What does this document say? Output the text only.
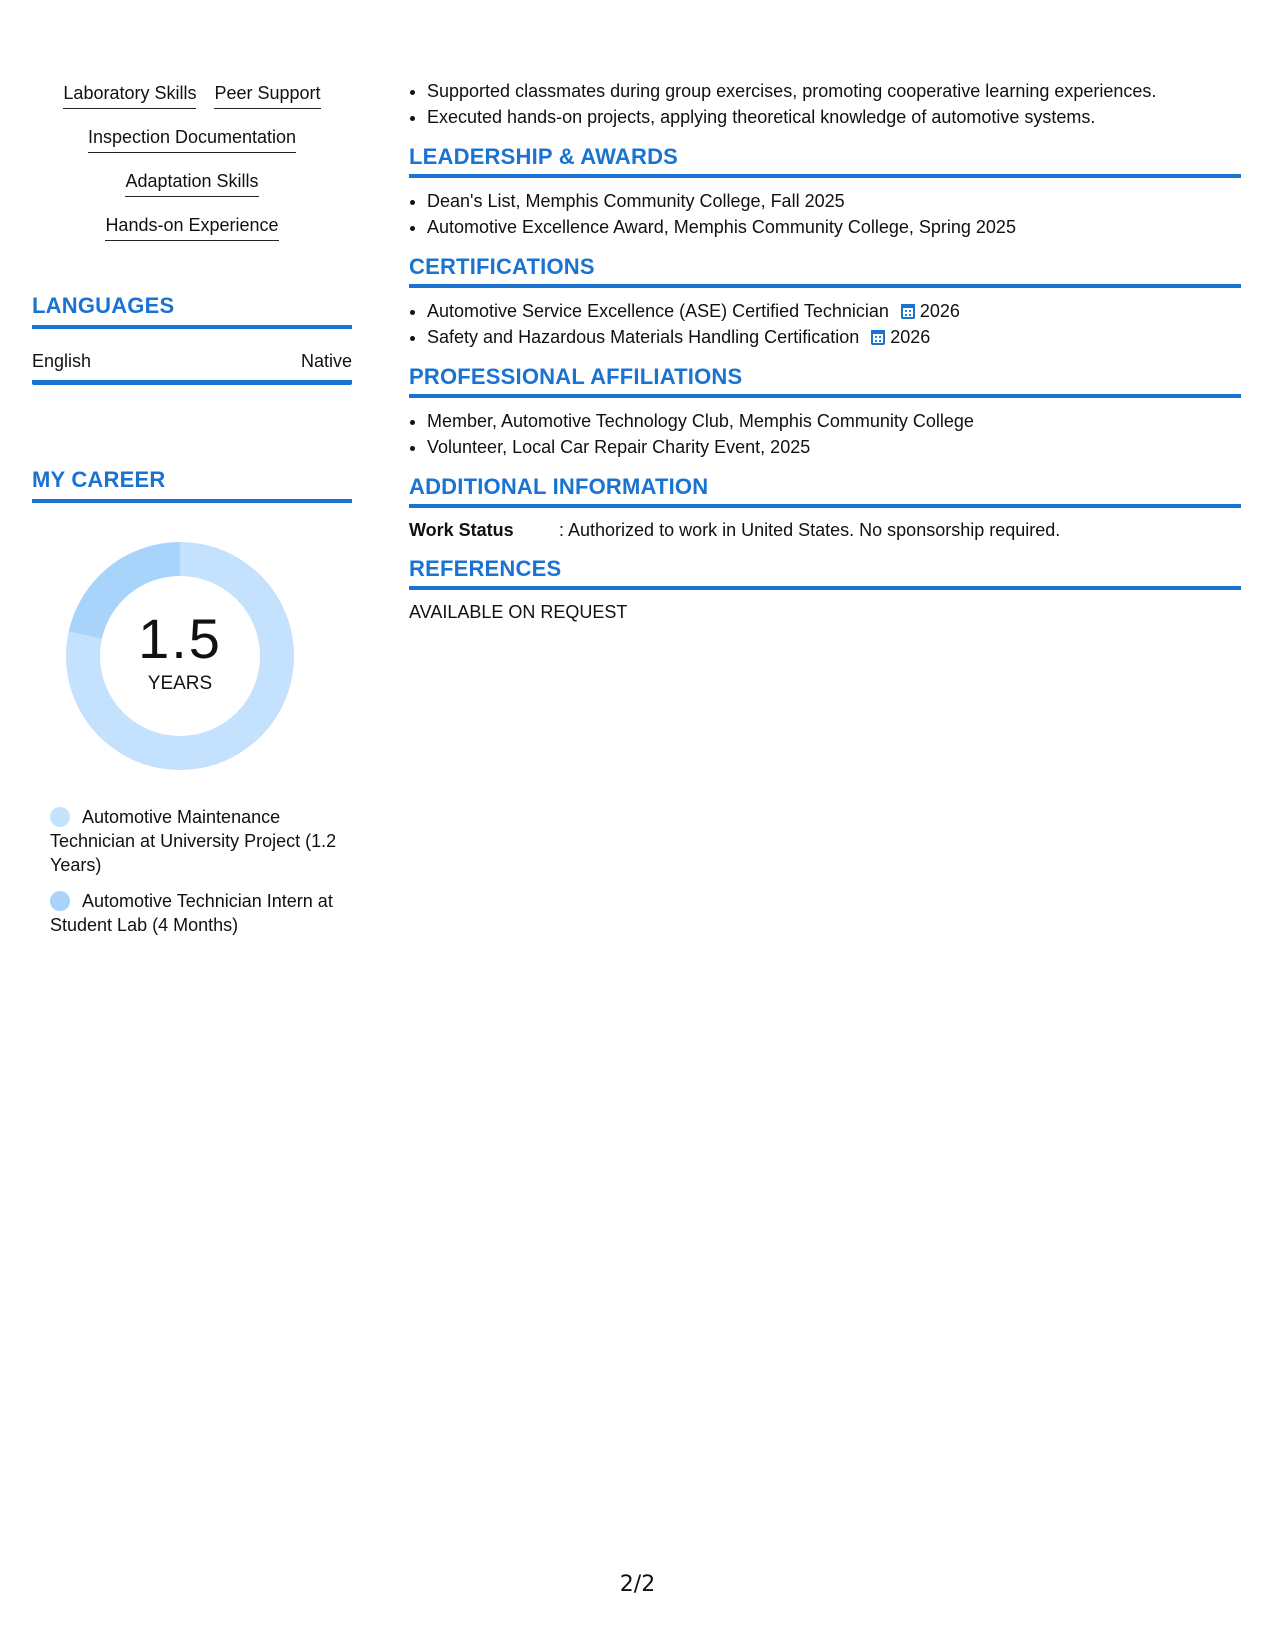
Laboratory Skills Peer Support
Inspection Documentation
Adaptation Skills
Hands-on Experience
LANGUAGES
English	Native
MY CAREER
1.5
YEARS
Automotive Maintenance Technician at University Project (1.2 Years)
Automotive Technician Intern at Student Lab (4 Months)
• Supported classmates during group exercises, promoting cooperative learning experiences.
• Executed hands-on projects, applying theoretical knowledge of automotive systems.
LEADERSHIP & AWARDS
• Dean's List, Memphis Community College, Fall 2025
• Automotive Excellence Award, Memphis Community College, Spring 2025
CERTIFICATIONS
• Automotive Service Excellence (ASE) Certified Technician 2026
• Safety and Hazardous Materials Handling Certification 2026
PROFESSIONAL AFFILIATIONS
• Member, Automotive Technology Club, Memphis Community College
• Volunteer, Local Car Repair Charity Event, 2025
ADDITIONAL INFORMATION
Work Status	: Authorized to work in United States. No sponsorship required.
REFERENCES
AVAILABLE ON REQUEST
2/2
